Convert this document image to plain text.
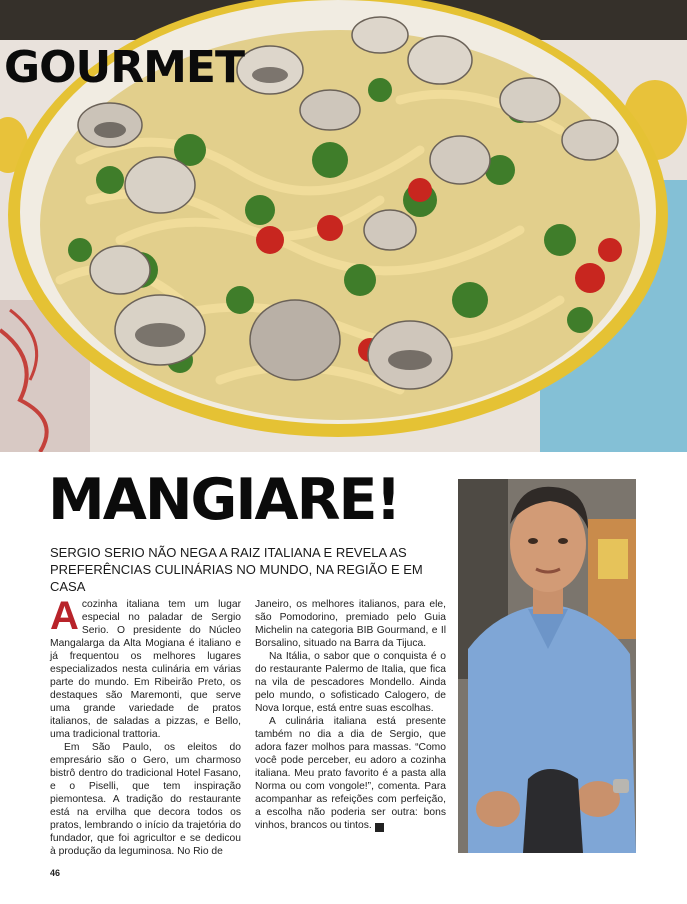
GOURMET
MANGIARE!
SERGIO SERIO NÃO NEGA A RAIZ ITALIANA E REVELA AS PREFERÊNCIAS CULINÁRIAS NO MUNDO, NA REGIÃO E EM CASA

Acozinha italiana tem um lugar especial no paladar de Sergio Serio. O presidente do Núcleo Mangalarga da Alta Mogiana é italiano e já frequentou os melhores lugares especializados nesta culinária em várias parte do mundo. Em Ribeirão Preto, os destaques são Maremonti, que serve uma grande variedade de pratos italianos, de saladas a pizzas, e Bello, uma tradicional trattoria.

Em São Paulo, os eleitos do empresário são o Gero, um charmoso bistrô dentro do tradicional Hotel Fasano, e o Piselli, que tem inspiração piemontesa. A tradição do restaurante está na ervilha que decora todos os pratos, lembrando o início da trajetória do fundador, que foi agricultor e se dedicou à produção da leguminosa. No Rio de

Janeiro, os melhores italianos, para ele, são Pomodorino, premiado pelo Guia Michelin na categoria BIB Gourmand, e Il Borsalino, situado na Barra da Tijuca.

Na Itália, o sabor que o conquista é o do restaurante Palermo de Italia, que fica na vila de pescadores Mondello. Ainda pelo mundo, o sofisticado Calogero, de Nova Iorque, está entre suas escolhas.

A culinária italiana está presente também no dia a dia de Sergio, que adora fazer molhos para massas. “Como você pode perceber, eu adoro a cozinha italiana. Meu prato favorito é a pasta alla Norma ou com vongole!”, comenta. Para acompanhar as refeições com perfeição, a escolha não poderia ser outra: bons vinhos, brancos ou tintos. r

46
